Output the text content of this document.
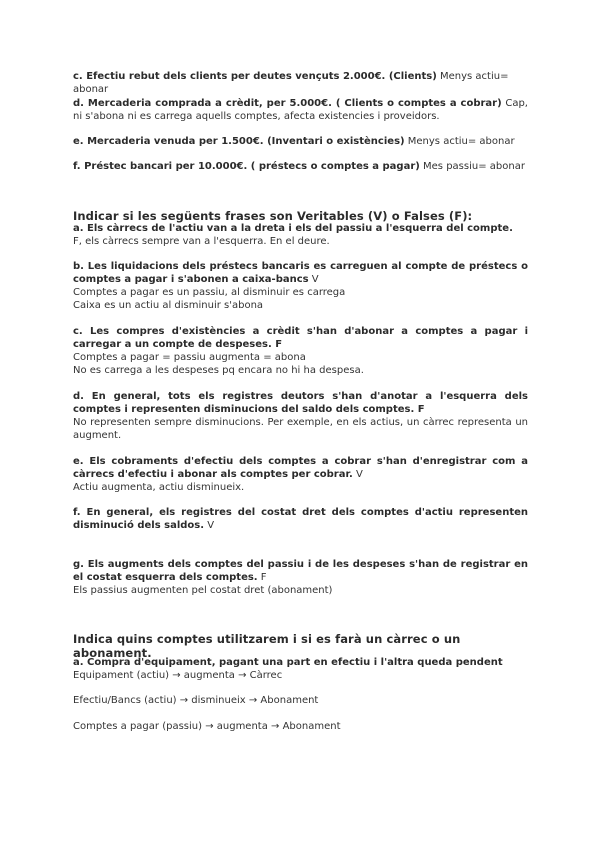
c. Efectiu rebut dels clients per deutes vençuts 2.000€. (Clients) Menys actiu= abonar

d. Mercaderia comprada a crèdit, per 5.000€. ( Clients o comptes a cobrar) Cap, ni s'abona ni es carrega aquells comptes, afecta existencies i proveidors.

e. Mercaderia venuda per 1.500€. (Inventari o existències) Menys actiu= abonar

f. Préstec bancari per 10.000€. ( préstecs o comptes a pagar) Mes passiu= abonar

Indicar si les següents frases son Veritables (V) o Falses (F):

a. Els càrrecs de l'actiu van a la dreta i els del passiu a l'esquerra del compte.

F, els càrrecs sempre van a l'esquerra. En el deure.

b. Les liquidacions dels préstecs bancaris es carreguen al compte de préstecs o comptes a pagar i s'abonen a caixa-bancs V

Comptes a pagar es un passiu, al disminuir es carrega

Caixa es un actiu al disminuir s'abona

c. Les compres d'existències a crèdit s'han d'abonar a comptes a pagar i carregar a un compte de despeses. F

Comptes a pagar = passiu augmenta = abona

No es carrega a les despeses pq encara no hi ha despesa.

d. En general, tots els registres deutors s'han d'anotar a l'esquerra dels comptes i representen disminucions del saldo dels comptes. F

No representen sempre disminucions. Per exemple, en els actius, un càrrec representa un augment.

e. Els cobraments d'efectiu dels comptes a cobrar s'han d'enregistrar com a càrrecs d'efectiu i abonar als comptes per cobrar. V

Actiu augmenta, actiu disminueix.

f. En general, els registres del costat dret dels comptes d'actiu representen disminució dels saldos. V

g. Els augments dels comptes del passiu i de les despeses s'han de registrar en el costat esquerra dels comptes. F

Els passius augmenten pel costat dret (abonament)

Indica quins comptes utilitzarem i si es farà un càrrec o un abonament.

a. Compra d'equipament, pagant una part en efectiu i l'altra queda pendent

Equipament (actiu) → augmenta → Càrrec

Efectiu/Bancs (actiu) → disminueix → Abonament

Comptes a pagar (passiu) → augmenta → Abonament
